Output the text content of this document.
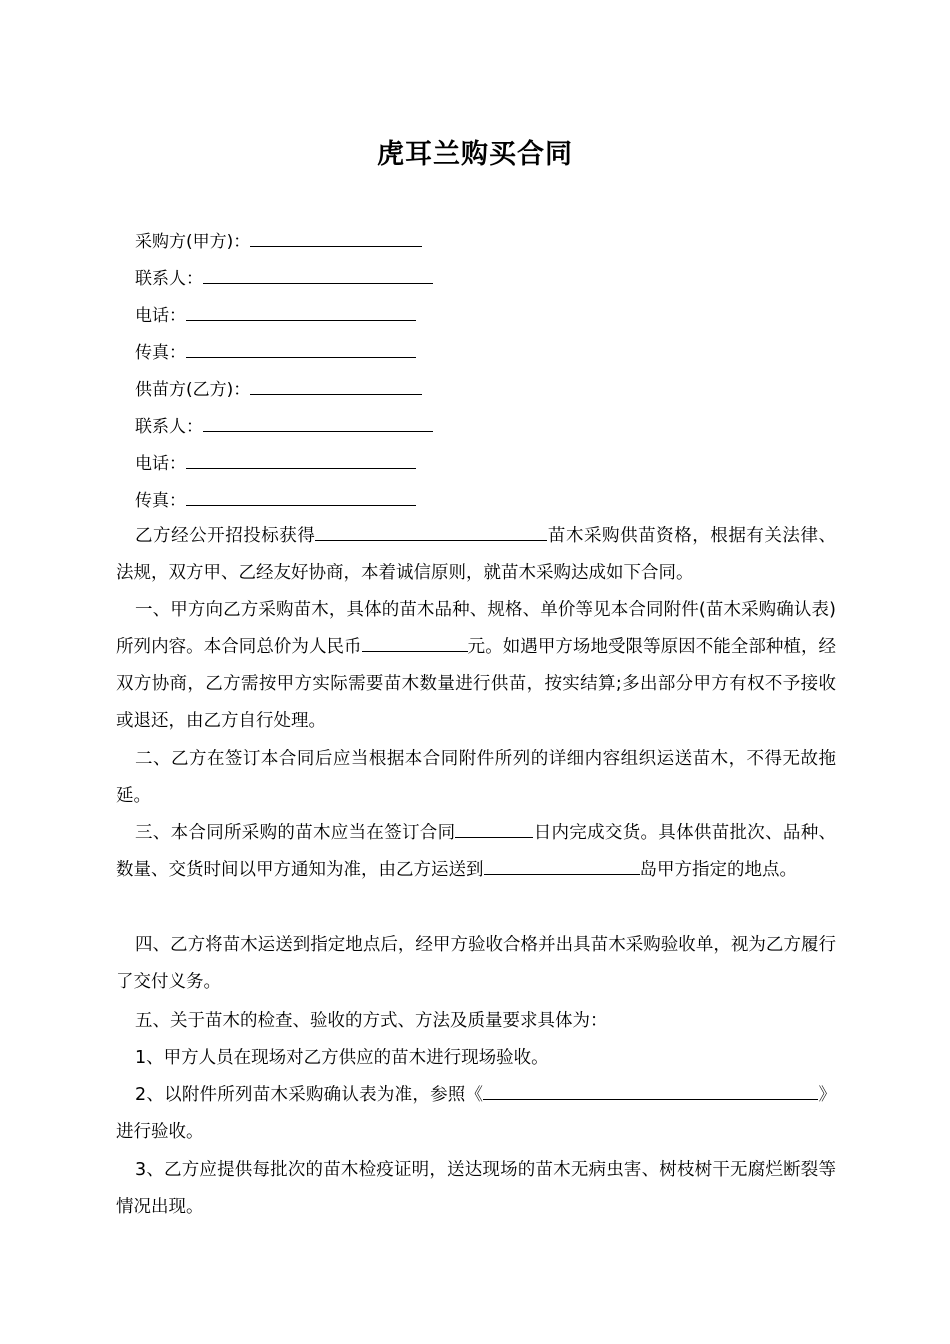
虎耳兰购买合同
采购方(甲方)：
联系人：
电话：
传真：
供苗方(乙方)：
联系人：
电话：
传真：
乙方经公开招投标获得	苗木采购供苗资格，根据有关法律、法规，双方甲、乙经友好协商，本着诚信原则，就苗木采购达成如下合同。
一、甲方向乙方采购苗木，具体的苗木品种、规格、单价等见本合同附件(苗木采购确认表)所列内容。本合同总价为人民币	元。如遇甲方场地受限等原因不能全部种植，经双方协商，乙方需按甲方实际需要苗木数量进行供苗，按实结算;多出部分甲方有权不予接收或退还，由乙方自行处理。
二、乙方在签订本合同后应当根据本合同附件所列的详细内容组织运送苗木，不得无故拖延。
三、本合同所采购的苗木应当在签订合同	日内完成交货。具体供苗批次、品种、数量、交货时间以甲方通知为准，由乙方运送到	岛甲方指定的地点。
四、乙方将苗木运送到指定地点后，经甲方验收合格并出具苗木采购验收单，视为乙方履行了交付义务。
五、关于苗木的检查、验收的方式、方法及质量要求具体为：
1、甲方人员在现场对乙方供应的苗木进行现场验收。
2、以附件所列苗木采购确认表为准，参照《	》进行验收。
3、乙方应提供每批次的苗木检疫证明，送达现场的苗木无病虫害、树枝树干无腐烂断裂等情况出现。
